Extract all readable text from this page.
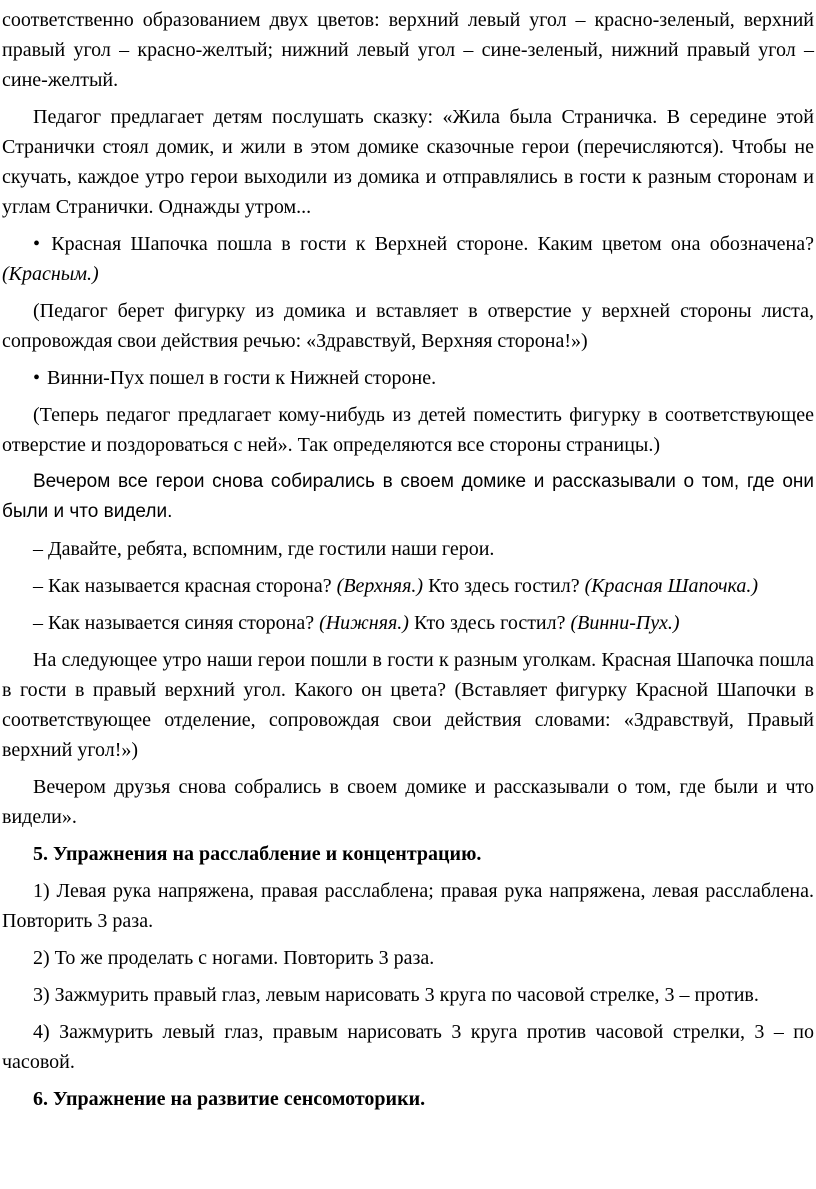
соответственно образованием двух цветов: верхний левый угол – красно-зеленый, верхний правый угол – красно-желтый; нижний левый угол – сине-зеленый, нижний правый угол – сине-желтый.

Педагог предлагает детям послушать сказку: «Жила была Страничка. В середине этой Странички стоял домик, и жили в этом домике сказочные герои (перечисляются). Чтобы не скучать, каждое утро герои выходили из домика и отправлялись в гости к разным сторонам и углам Странички. Однажды утром...

• Красная Шапочка пошла в гости к Верхней стороне. Каким цветом она обозначена? (Красным.)

(Педагог берет фигурку из домика и вставляет в отверстие у верхней стороны листа, сопровождая свои действия речью: «Здравствуй, Верхняя сторона!»)

• Винни-Пух пошел в гости к Нижней стороне.

(Теперь педагог предлагает кому-нибудь из детей поместить фигурку в соответствующее отверстие и поздороваться с ней». Так определяются все стороны страницы.)

Вечером все герои снова собирались в своем домике и рассказывали о том, где они были и что видели.

– Давайте, ребята, вспомним, где гостили наши герои.

– Как называется красная сторона? (Верхняя.) Кто здесь гостил? (Красная Шапочка.)

– Как называется синяя сторона? (Нижняя.) Кто здесь гостил? (Винни-Пух.)

На следующее утро наши герои пошли в гости к разным уголкам. Красная Шапочка пошла в гости в правый верхний угол. Какого он цвета? (Вставляет фигурку Красной Шапочки в соответствующее отделение, сопровождая свои действия словами: «Здравствуй, Правый верхний угол!»)

Вечером друзья снова собрались в своем домике и рассказывали о том, где были и что видели».

5. Упражнения на расслабление и концентрацию.

1) Левая рука напряжена, правая расслаблена; правая рука напряжена, левая расслаблена. Повторить 3 раза.

2) То же проделать с ногами. Повторить 3 раза.

3) Зажмурить правый глаз, левым нарисовать 3 круга по часовой стрелке, 3 – против.

4) Зажмурить левый глаз, правым нарисовать 3 круга против часовой стрелки, 3 – по часовой.

6. Упражнение на развитие сенсомоторики.
